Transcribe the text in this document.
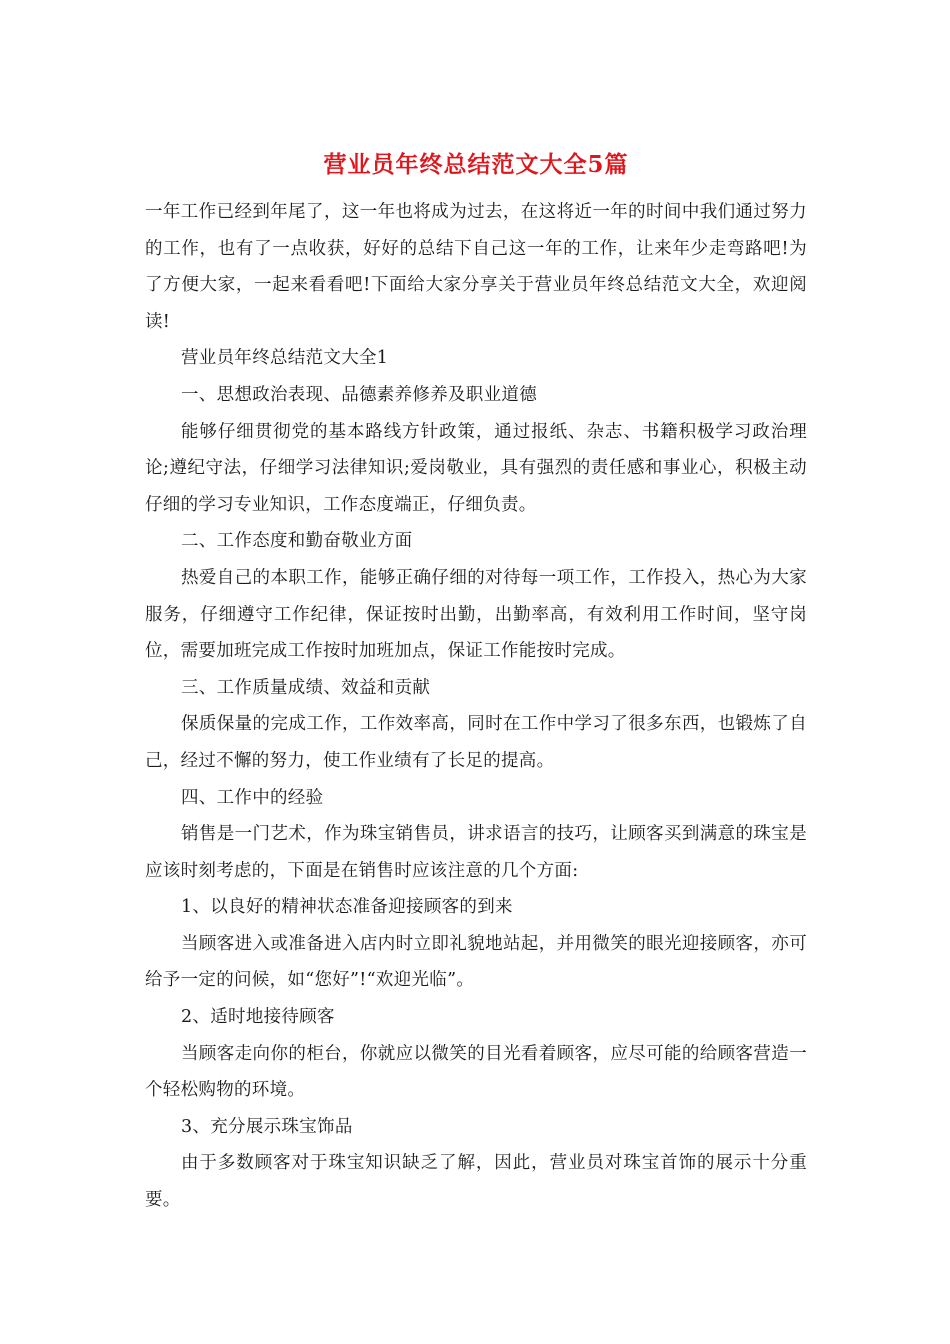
营业员年终总结范文大全5篇

一年工作已经到年尾了，这一年也将成为过去，在这将近一年的时间中我们通过努力的工作，也有了一点收获，好好的总结下自己这一年的工作，让来年少走弯路吧!为了方便大家，一起来看看吧!下面给大家分享关于营业员年终总结范文大全，欢迎阅读!

营业员年终总结范文大全1

一、思想政治表现、品德素养修养及职业道德

能够仔细贯彻党的基本路线方针政策，通过报纸、杂志、书籍积极学习政治理论;遵纪守法，仔细学习法律知识;爱岗敬业，具有强烈的责任感和事业心，积极主动仔细的学习专业知识，工作态度端正，仔细负责。

二、工作态度和勤奋敬业方面

热爱自己的本职工作，能够正确仔细的对待每一项工作，工作投入，热心为大家服务，仔细遵守工作纪律，保证按时出勤，出勤率高，有效利用工作时间，坚守岗位，需要加班完成工作按时加班加点，保证工作能按时完成。

三、工作质量成绩、效益和贡献

保质保量的完成工作，工作效率高，同时在工作中学习了很多东西，也锻炼了自己，经过不懈的努力，使工作业绩有了长足的提高。

四、工作中的经验

销售是一门艺术，作为珠宝销售员，讲求语言的技巧，让顾客买到满意的珠宝是应该时刻考虑的，下面是在销售时应该注意的几个方面:

1、以良好的精神状态准备迎接顾客的到来

当顾客进入或准备进入店内时立即礼貌地站起，并用微笑的眼光迎接顾客，亦可给予一定的问候，如“您好”!“欢迎光临”。

2、适时地接待顾客

当顾客走向你的柜台，你就应以微笑的目光看着顾客，应尽可能的给顾客营造一个轻松购物的环境。

3、充分展示珠宝饰品

由于多数顾客对于珠宝知识缺乏了解，因此，营业员对珠宝首饰的展示十分重要。
